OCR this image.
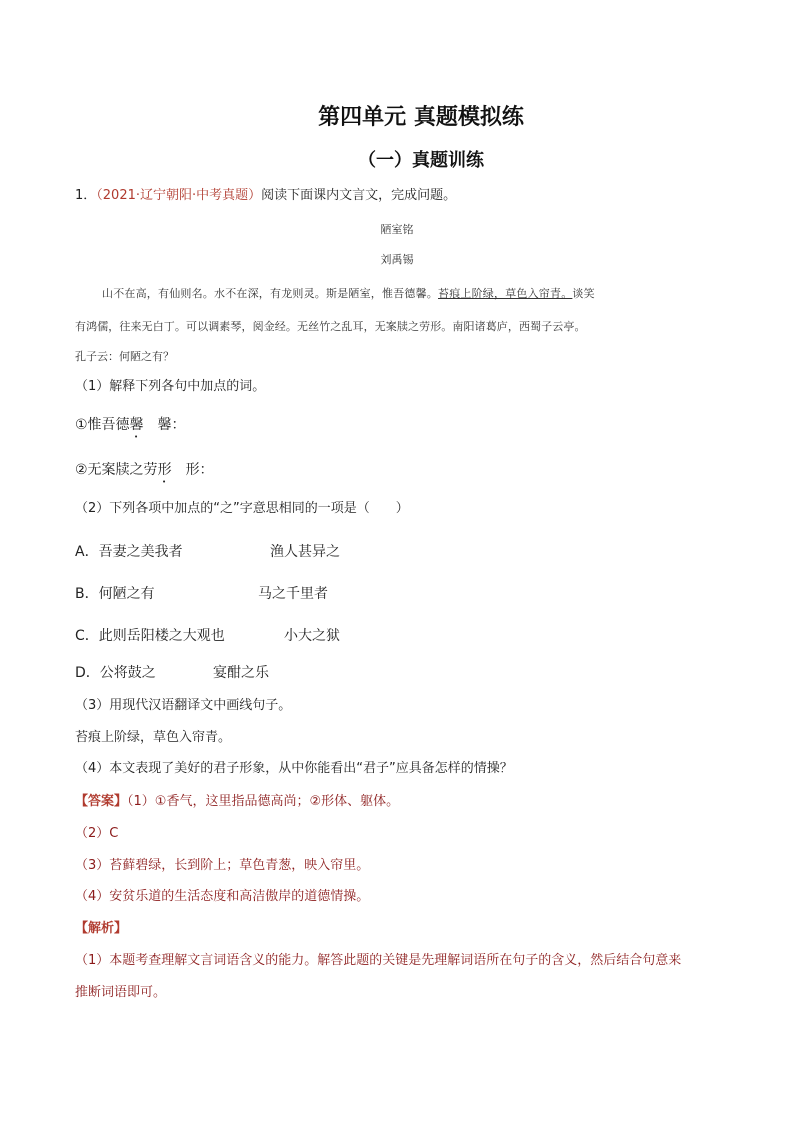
第四单元 真题模拟练
（一）真题训练
1．（2021·辽宁朝阳·中考真题）阅读下面课内文言文，完成问题。
陋室铭
刘禹锡
山不在高，有仙则名。水不在深，有龙则灵。斯是陋室，惟吾德馨。苔痕上阶绿，草色入帘青。谈笑
有鸿儒，往来无白丁。可以调素琴，阅金经。无丝竹之乱耳，无案牍之劳形。南阳诸葛庐，西蜀子云亭。
孔子云：何陋之有？
（1）解释下列各句中加点的词。
①惟吾德馨 馨：
②无案牍之劳形 形：
（2）下列各项中加点的“之”字意思相同的一项是（　　）
A．吾妻之美我者	渔人甚异之
B．何陋之有	马之千里者
C．此则岳阳楼之大观也	小大之狱
D．公将鼓之	宴酣之乐
（3）用现代汉语翻译文中画线句子。
苔痕上阶绿，草色入帘青。
（4）本文表现了美好的君子形象，从中你能看出“君子”应具备怎样的情操？
【答案】（1）①香气，这里指品德高尚；②形体、躯体。
（2）C
（3）苔藓碧绿，长到阶上；草色青葱，映入帘里。
（4）安贫乐道的生活态度和高洁傲岸的道德情操。
【解析】
（1）本题考查理解文言词语含义的能力。解答此题的关键是先理解词语所在句子的含义，然后结合句意来
推断词语即可。
